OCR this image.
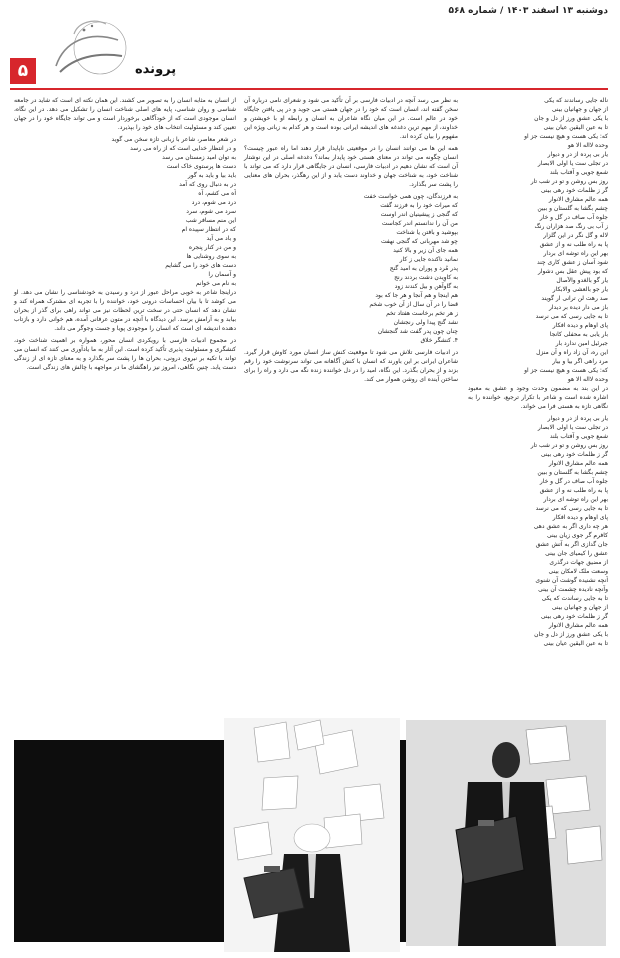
دوشنبه ۱۳ اسفند ۱۴۰۳ / شماره ۵۶۸
۵	پرونده
ناله جایی رساندند که یکی
از جهان و جهانیان بینی
با یکی عشق ورز از دل و جان
تا به عین الیقین عیان بینی
که: یکی هست و هیچ نیست جز او
وحده لااله الا هو
یار بی پرده از در و دیوار
در تجلی ست یا اولی الابصار
شمع جویی و آفتاب بلند
روز بس روشن و تو در شب تار
گر ز ظلمات خود رهی بینی
همه عالم مشارق الانوار
چشم بگشا به گلستان و ببین
جلوه آب صاف در گل و خار
ز آب بی رنگ صد هزاران رنگ
لاله و گل نگر در این گلزار
پا به راه طلب نه و از عشق
بهر این راه توشه ای بردار
شود آسان ز عشق کاری چند
که بود پیش عقل بس دشوار
یار گو بالغدو والآصال
یار جو بالعشی والابکار
صد رهت لن ترانی ار گویند
باز می دار دیده بر دیدار
تا به جایی رسی که می نرسد
پای اوهام و دیده افکار
بار یابی به محفلی کانجا
جبرئیل امین ندارد بار
این ره، آن زاد راه و آن منزل
مرد راهی اگر بیا و بیار
که: یکی هست و هیچ نیست جز او
وحده لااله الا هو

در این بند به مضمون وحدت وجود و عشق به معبود اشاره شده است و شاعر با تکرار ترجیع، خواننده را به نگاهی تازه به هستی فرا می خواند.

یار بی پرده از در و دیوار
در تجلی ست یا اولی الابصار
شمع جویی و آفتاب بلند
روز بس روشن و تو در شب تار
گر ز ظلمات خود رهی بینی
همه عالم مشارق الانوار
چشم بگشا به گلستان و ببین
جلوه آب صاف در گل و خار
پا به راه طلب نه و از عشق
بهر این راه توشه ای بردار
تا به جایی رسی که می نرسد
پای اوهام و دیده افکار
هر چه داری اگر به عشق دهی
کافرم گر جوی زیان بینی
جان گدازی اگر به آتش عشق
عشق را کیمیای جان بینی
از مضیق جهات درگذری
وسعت ملک لامکان بینی
آنچه نشنیده گوشت آن شنوی
وآنچه نادیده چشمت آن بینی
تا به جایی رساندت که یکی
از جهان و جهانیان بینی
گر ز ظلمات خود رهی بینی
همه عالم مشارق الانوار
با یکی عشق ورز از دل و جان
تا به عین الیقین عیان بینی

به نظر می رسد آنچه در ادبیات فارسی بر آن تأکید می شود و شعرای نامی درباره آن سخن گفته اند، انسان است که خود را در جهان هستی می جوید و در پی یافتن جایگاه خود در عالم است. در این میان نگاه شاعران به انسان و رابطه او با خویشتن و خداوند، از مهم ترین دغدغه های اندیشه ایرانی بوده است و هر کدام به زبانی ویژه این مفهوم را بیان کرده اند.

همه این ها می توانند انسان را در موقعیتی ناپایدار قرار دهند اما راه عبور چیست؟ انسان چگونه می تواند در معنای هستی خود پایدار بماند؟ دغدغه اصلی در این نوشتار آن است که نشان دهیم در ادبیات فارسی، انسان در جایگاهی قرار دارد که می تواند با شناخت خود، به شناخت جهان و خداوند دست یابد و از این رهگذر، بحران های معنایی را پشت سر بگذارد.

به فرزندگان، چون همی خواست خفت
که میراث خود را به فرزند گفت
که گنجی ز پیشینیان اندر اوست
من آن را ندانستم اندر کجاست
بپوشید و بافتن یا شناخت
چو شد مهربانی که گنجی نهفت
همه جای آن زیر و بالا کنید
نمانید ناکنده جایی ز کار
پدر مُرد و پوران به امید گنج
به کاوِیدن دشت بردند رنج
به گاوآهن و بیل کندند زود
هم اینجا و هم آنجا و هر جا که بود
قضا را در آن سال از آن خوب شخم
ز هر تخم برخاست هفتاد تخم
نشد گنج پیدا ولی رنجشان
چنان چون پدر گفت شد گنجشان

۴. کنشگر خلاق

در ادبیات فارسی تلاش می شود تا موقعیت کنش ساز انسان مورد کاوش قرار گیرد. شاعران ایرانی بر این باورند که انسان با کنش آگاهانه می تواند سرنوشت خود را رقم بزند و از بحران بگذرد. این نگاه، امید را در دل خواننده زنده نگه می دارد و راه را برای ساختن آینده ای روشن هموار می کند.

از انسان به مثابه انسان را به تصویر می کشند. این همان نکته ای است که شاید در جامعه شناسی و روان شناسی، پایه های اصلی شناخت انسان را تشکیل می دهد. در این نگاه، انسان موجودی است که از خودآگاهی برخوردار است و می تواند جایگاه خود را در جهان تعیین کند و مسئولیت انتخاب های خود را بپذیرد.

در شعر معاصر، شاعر با زبانی تازه سخن می گوید
و در انتظار خدایی است که از راه می رسد
به توان امید زمستان می رسد
دست ها پرستوی خاک است
باید بیا و باید به گور
در به دنبال روی که آمد
آه می کشم، آه
درد می شوم، درد
سرد می شوم، سرد
این منم مسافر شب
که در انتظار سپیده ام
و باد می آید
و من در کنار پنجره
به سوی روشنایی ها
دست های خود را می گشایم
و آسمان را
به نام می خوانم

دراینجا شاعر به خوبی مراحل عبور از درد و رسیدن به خودشناسی را نشان می دهد. او می کوشد تا با بیان احساسات درونی خود، خواننده را با تجربه ای مشترک همراه کند و نشان دهد که انسان حتی در سخت ترین لحظات نیز می تواند راهی برای گذر از بحران بیابد و به آرامش برسد. این دیدگاه با آنچه در متون عرفانی آمده، هم خوانی دارد و بازتاب دهنده اندیشه ای است که انسان را موجودی پویا و جست وجوگر می داند.

در مجموع ادبیات فارسی با رویکردی انسان محور، همواره بر اهمیت شناخت خود، کنشگری و مسئولیت پذیری تأکید کرده است. این آثار به ما یادآوری می کنند که انسان می تواند با تکیه بر نیروی درونی، بحران ها را پشت سر بگذارد و به معنای تازه ای از زندگی دست یابد. چنین نگاهی، امروز نیز راهگشای ما در مواجهه با چالش های زندگی است.
